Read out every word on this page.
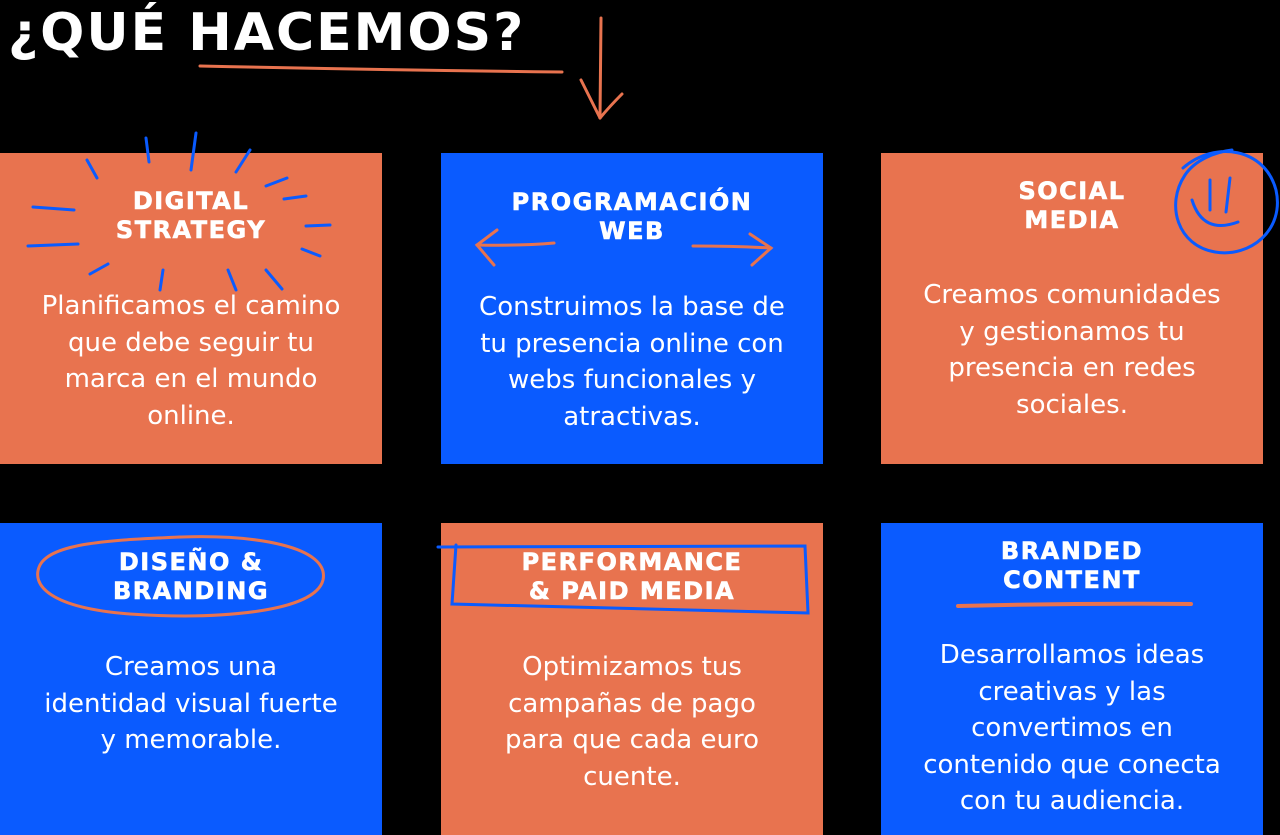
¿QUÉ HACEMOS?
DIGITAL
STRATEGY

Planificamos el camino
que debe seguir tu
marca en el mundo
online.

PROGRAMACIÓN
WEB

Construimos la base de
tu presencia online con
webs funcionales y
atractivas.

SOCIAL
MEDIA

Creamos comunidades
y gestionamos tu
presencia en redes
sociales.

DISEÑO &
BRANDING

Creamos una
identidad visual fuerte
y memorable.

PERFORMANCE
& PAID MEDIA

Optimizamos tus
campañas de pago
para que cada euro
cuente.

BRANDED
CONTENT

Desarrollamos ideas
creativas y las
convertimos en
contenido que conecta
con tu audiencia.
